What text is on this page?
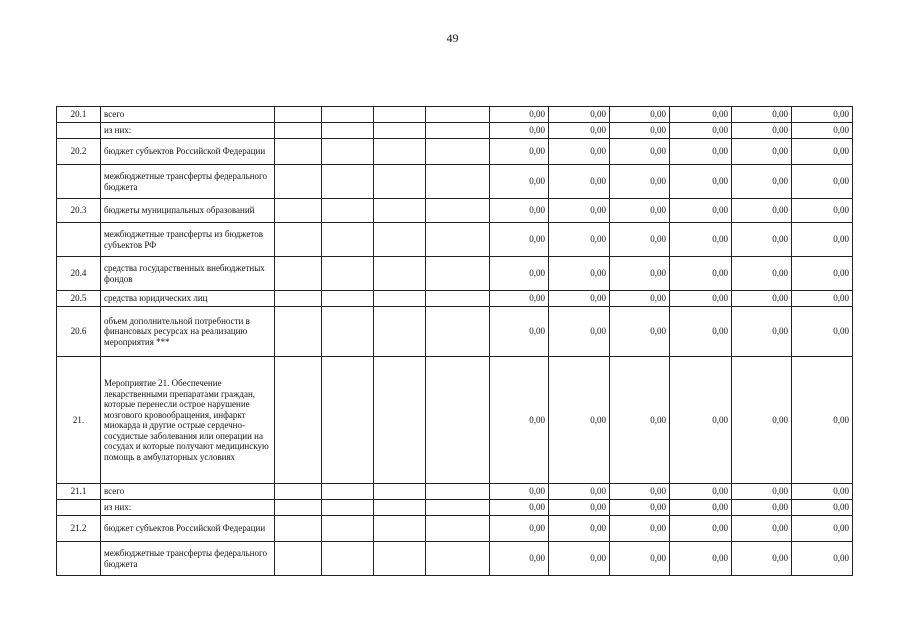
49
20.1	всего					0,00	0,00	0,00	0,00	0,00	0,00
	из них:					0,00	0,00	0,00	0,00	0,00	0,00
20.2	бюджет субъектов Российской Федерации					0,00	0,00	0,00	0,00	0,00	0,00
	межбюджетные трансферты федерального бюджета					0,00	0,00	0,00	0,00	0,00	0,00
20.3	бюджеты муниципальных образований					0,00	0,00	0,00	0,00	0,00	0,00
	межбюджетные трансферты из бюджетов субъектов РФ					0,00	0,00	0,00	0,00	0,00	0,00
20.4	средства государственных внебюджетных фондов					0,00	0,00	0,00	0,00	0,00	0,00
20.5	средства юридических лиц					0,00	0,00	0,00	0,00	0,00	0,00
20.6	объем дополнительной потребности в финансовых ресурсах на реализацию мероприятия ***					0,00	0,00	0,00	0,00	0,00	0,00
21.	Мероприятие 21. Обеспечение лекарственными препаратами граждан, которые перенесли острое нарушение мозгового кровообращения, инфаркт миокарда и другие острые сердечно-сосудистые заболевания или операции на сосудах и которые получают медицинскую помощь в амбулаторных условиях					0,00	0,00	0,00	0,00	0,00	0,00
21.1	всего					0,00	0,00	0,00	0,00	0,00	0,00
	из них:					0,00	0,00	0,00	0,00	0,00	0,00
21.2	бюджет субъектов Российской Федерации					0,00	0,00	0,00	0,00	0,00	0,00
	межбюджетные трансферты федерального бюджета					0,00	0,00	0,00	0,00	0,00	0,00
